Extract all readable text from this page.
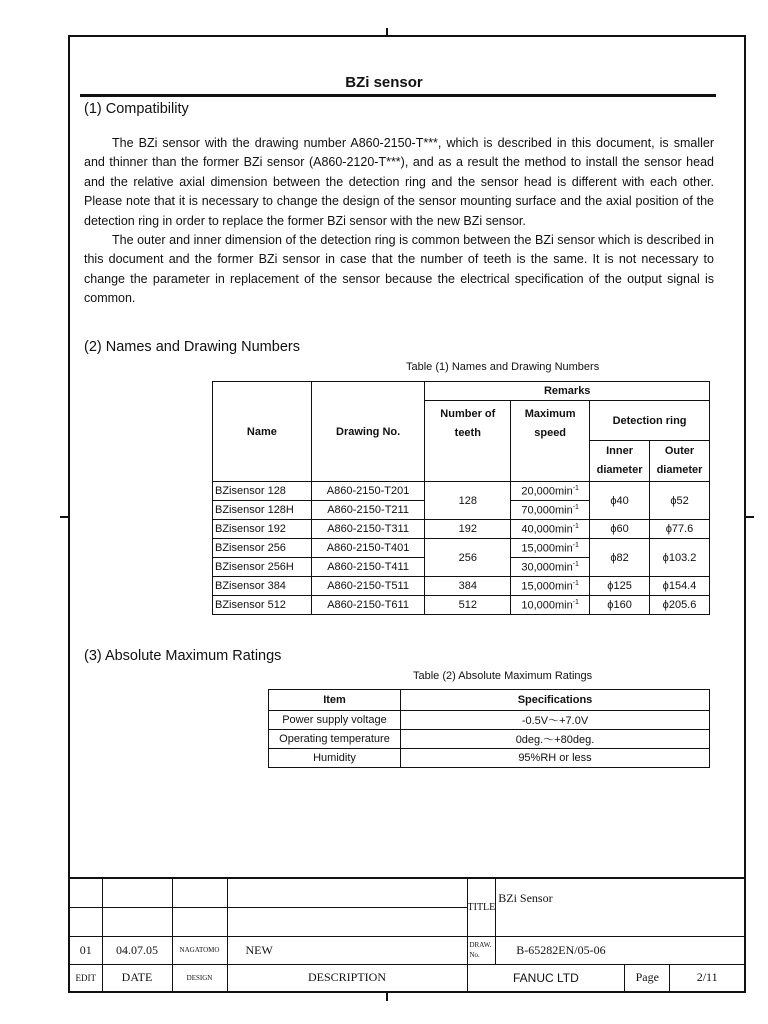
BZi sensor
(1) Compatibility
The BZi sensor with the drawing number A860-2150-T***, which is described in this document, is smaller and thinner than the former BZi sensor (A860-2120-T***), and as a result the method to install the sensor head and the relative axial dimension between the detection ring and the sensor head is different with each other. Please note that it is necessary to change the design of the sensor mounting surface and the axial position of the detection ring in order to replace the former BZi sensor with the new BZi sensor.
The outer and inner dimension of the detection ring is common between the BZi sensor which is described in this document and the former BZi sensor in case that the number of teeth is the same. It is not necessary to change the parameter in replacement of the sensor because the electrical specification of the output signal is common.
(2) Names and Drawing Numbers
Table (1) Names and Drawing Numbers
Name	Drawing No.	Remarks			
		Number of teeth	Maximum speed	Detection ring	
				Inner diameter	Outer diameter
BZisensor 128	A860-2150-T201	128	$20,000\min^{-1}$	ϕ40	ϕ52
BZisensor 128H	A860-2150-T211		$70,000\min^{-1}$
BZisensor 192	A860-2150-T311	192	$40,000\min^{-1}$	ϕ60	ϕ77.6
BZisensor 256	A860-2150-T401	256	$15,000\min^{-1}$	ϕ82	ϕ103.2
BZisensor 256H	A860-2150-T411		$30,000\min^{-1}$
BZisensor 384	A860-2150-T511	384	$15,000\min^{-1}$	ϕ125	ϕ154.4
BZisensor 512	A860-2150-T611	512	$10,000\min^{-1}$	ϕ160	ϕ205.6
(3) Absolute Maximum Ratings
Table (2) Absolute Maximum Ratings
Item	Specifications
Power supply voltage	-0.5V～+7.0V
Operating temperature	0deg.～+80deg.
Humidity	95%RH or less
				TITLE	BZi Sensor		

01	04.07.05	NAGATOMO	NEW	DRAW. No.	B-65282EN/05-06		
EDIT	DATE	DESIGN	DESCRIPTION	FANUC LTD		Page	2/11
